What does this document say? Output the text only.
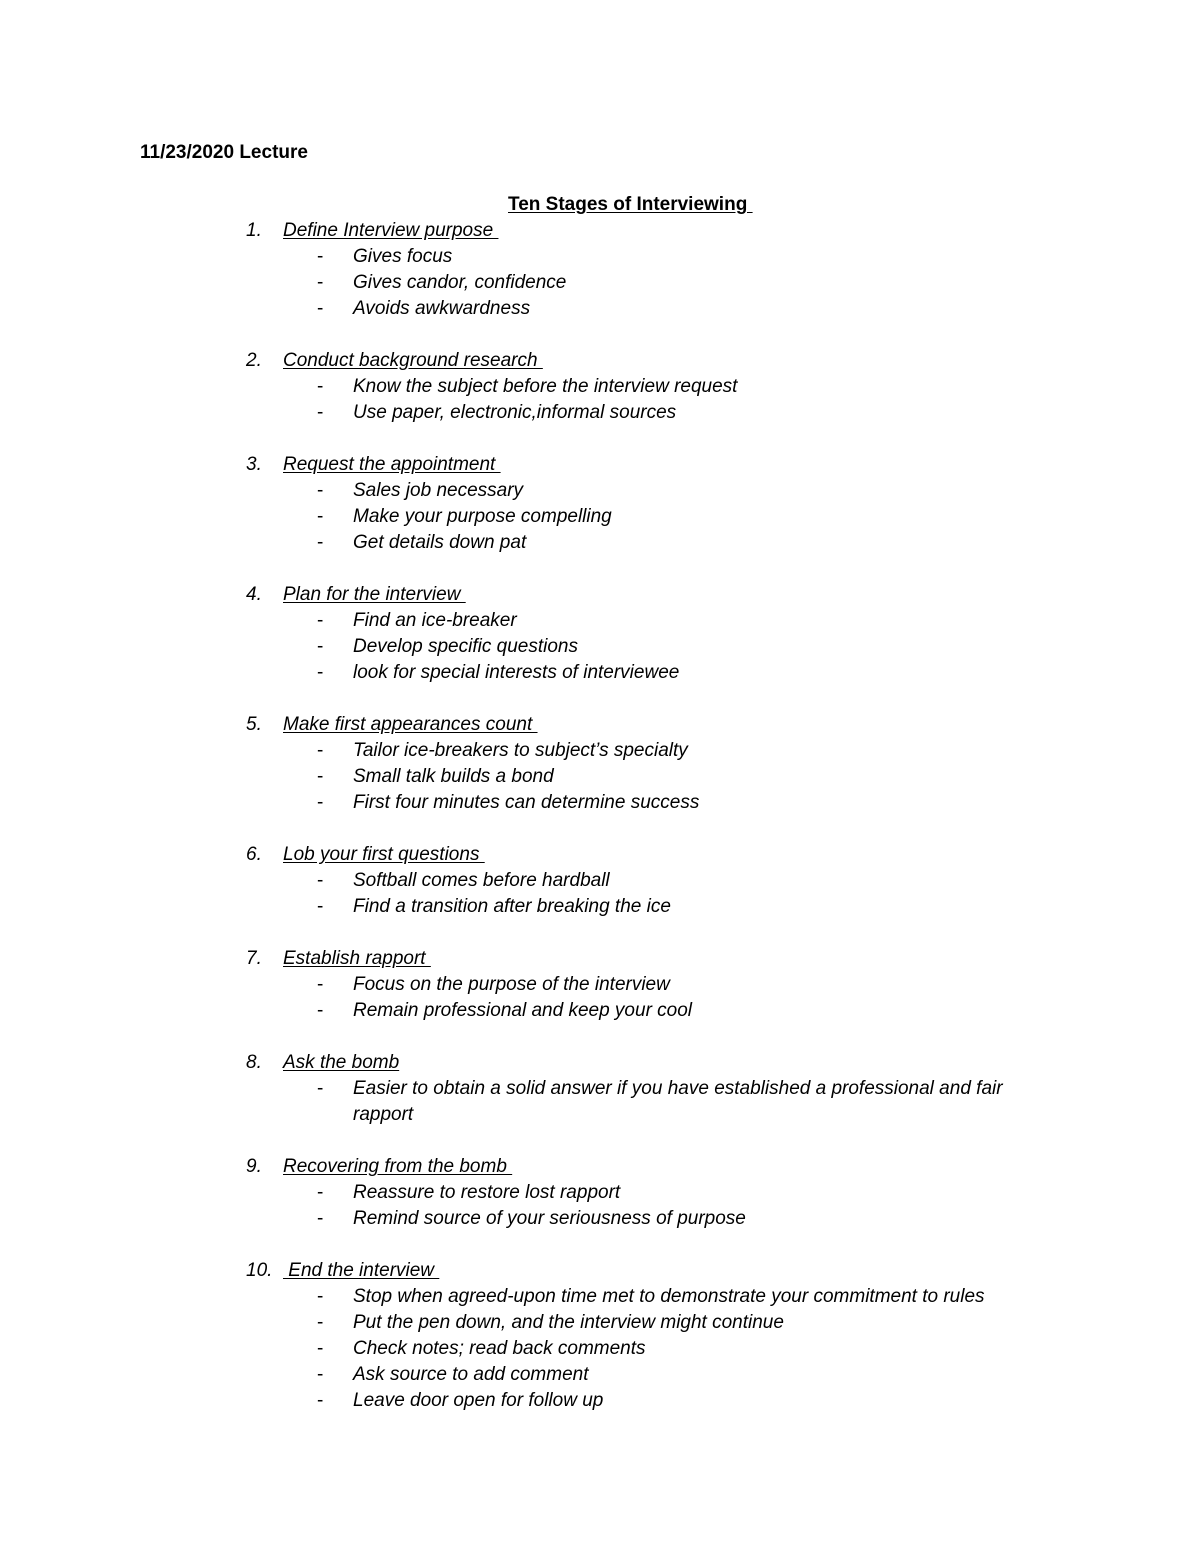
11/23/2020 Lecture
Ten Stages of Interviewing
1. Define Interview purpose
- Gives focus
- Gives candor, confidence
- Avoids awkwardness
2. Conduct background research
- Know the subject before the interview request
- Use paper, electronic,informal sources
3. Request the appointment
- Sales job necessary
- Make your purpose compelling
- Get details down pat
4. Plan for the interview
- Find an ice-breaker
- Develop specific questions
- look for special interests of interviewee
5. Make first appearances count
- Tailor ice-breakers to subject’s specialty
- Small talk builds a bond
- First four minutes can determine success
6. Lob your first questions
- Softball comes before hardball
- Find a transition after breaking the ice
7. Establish rapport
- Focus on the purpose of the interview
- Remain professional and keep your cool
8. Ask the bomb
- Easier to obtain a solid answer if you have established a professional and fair rapport
9. Recovering from the bomb
- Reassure to restore lost rapport
- Remind source of your seriousness of purpose
10. End the interview
- Stop when agreed-upon time met to demonstrate your commitment to rules
- Put the pen down, and the interview might continue
- Check notes; read back comments
- Ask source to add comment
- Leave door open for follow up
